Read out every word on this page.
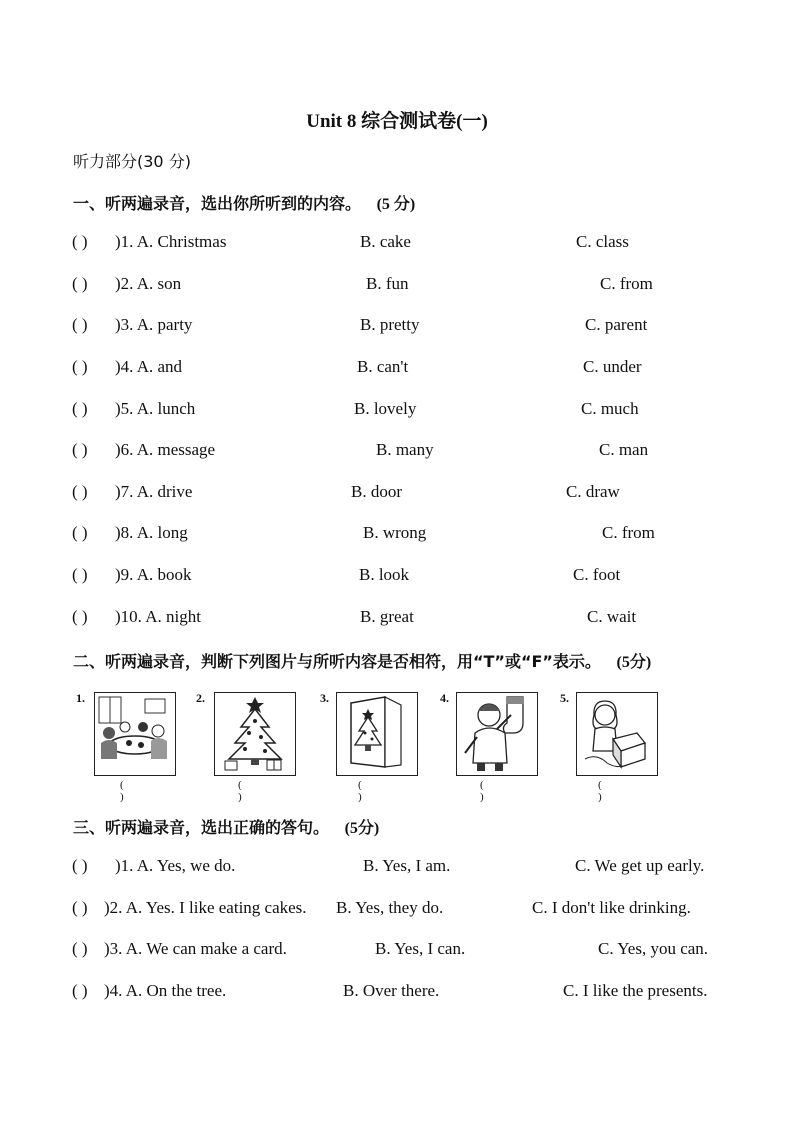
Unit 8 综合测试卷(一)
听力部分(30 分)
一、听两遍录音，选出你所听到的内容。 (5 分)
( ) )1. A. Christmas	B. cake	C. class
( ) )2. A. son	B. fun	C. from
( ) )3. A. party	B. pretty	C. parent
( ) )4. A. and	B. can't	C. under
( ) )5. A. lunch	B. lovely	C. much
( ) )6. A. message	B. many	C. man
( ) )7. A. drive	B. door	C. draw
( ) )8. A. long	B. wrong	C. from
( ) )9. A. book	B. look	C. foot
( ) )10. A. night	B. great	C. wait
二、听两遍录音，判断下列图片与所听内容是否相符，用“T”或“F”表示。 (5分)
1.
( )
2.
( )
3.
( )
4.
( )
5.
( )
三、听两遍录音，选出正确的答句。 (5分)
( ) )1. A. Yes, we do.	B. Yes, I am.	C. We get up early.
( ) )2. A. Yes. I like eating cakes. B. Yes, they do.	C. I don't like drinking.
( ) )3. A. We can make a card.	B. Yes, I can.	C. Yes, you can.
( ) )4. A. On the tree.	B. Over there.	C. I like the presents.
